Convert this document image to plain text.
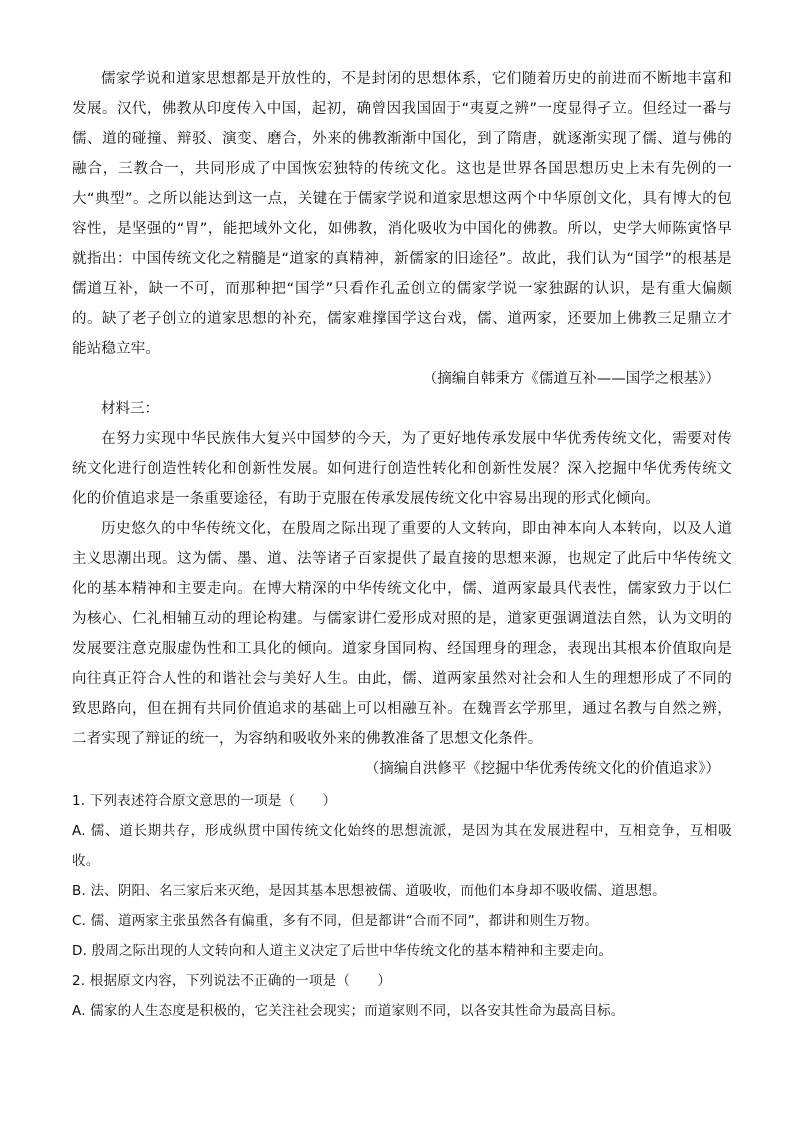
儒家学说和道家思想都是开放性的，不是封闭的思想体系，它们随着历史的前进而不断地丰富和发展。汉代，佛教从印度传入中国，起初，确曾因我国固于“夷夏之辨”一度显得孑立。但经过一番与儒、道的碰撞、辩驳、演变、磨合，外来的佛教渐渐中国化，到了隋唐，就逐渐实现了儒、道与佛的融合，三教合一，共同形成了中国恢宏独特的传统文化。这也是世界各国思想历史上未有先例的一大“典型”。之所以能达到这一点，关键在于儒家学说和道家思想这两个中华原创文化，具有博大的包容性，是坚强的“胃”，能把域外文化，如佛教，消化吸收为中国化的佛教。所以，史学大师陈寅恪早就指出：中国传统文化之精髓是“道家的真精神，新儒家的旧途径”。故此，我们认为“国学”的根基是儒道互补，缺一不可，而那种把“国学”只看作孔孟创立的儒家学说一家独踞的认识，是有重大偏颇的。缺了老子创立的道家思想的补充，儒家难撑国学这台戏，儒、道两家，还要加上佛教三足鼎立才能站稳立牢。

（摘编自韩秉方《儒道互补——国学之根基》）

材料三：

在努力实现中华民族伟大复兴中国梦的今天，为了更好地传承发展中华优秀传统文化，需要对传统文化进行创造性转化和创新性发展。如何进行创造性转化和创新性发展？深入挖掘中华优秀传统文化的价值追求是一条重要途径，有助于克服在传承发展传统文化中容易出现的形式化倾向。

历史悠久的中华传统文化，在殷周之际出现了重要的人文转向，即由神本向人本转向，以及人道主义思潮出现。这为儒、墨、道、法等诸子百家提供了最直接的思想来源，也规定了此后中华传统文化的基本精神和主要走向。在博大精深的中华传统文化中，儒、道两家最具代表性，儒家致力于以仁为核心、仁礼相辅互动的理论构建。与儒家讲仁爱形成对照的是，道家更强调道法自然，认为文明的发展要注意克服虚伪性和工具化的倾向。道家身国同构、经国理身的理念，表现出其根本价值取向是向往真正符合人性的和谐社会与美好人生。由此，儒、道两家虽然对社会和人生的理想形成了不同的致思路向，但在拥有共同价值追求的基础上可以相融互补。在魏晋玄学那里，通过名教与自然之辨，二者实现了辩证的统一，为容纳和吸收外来的佛教准备了思想文化条件。

（摘编自洪修平《挖掘中华优秀传统文化的价值追求》）

1. 下列表述符合原文意思的一项是（　　）

A. 儒、道长期共存，形成纵贯中国传统文化始终的思想流派，是因为其在发展进程中，互相竞争，互相吸收。

B. 法、阴阳、名三家后来灭绝，是因其基本思想被儒、道吸收，而他们本身却不吸收儒、道思想。

C. 儒、道两家主张虽然各有偏重，多有不同，但是都讲“合而不同”，都讲和则生万物。

D. 殷周之际出现的人文转向和人道主义决定了后世中华传统文化的基本精神和主要走向。

2. 根据原文内容，下列说法不正确的一项是（　　）

A. 儒家的人生态度是积极的，它关注社会现实；而道家则不同，以各安其性命为最高目标。
